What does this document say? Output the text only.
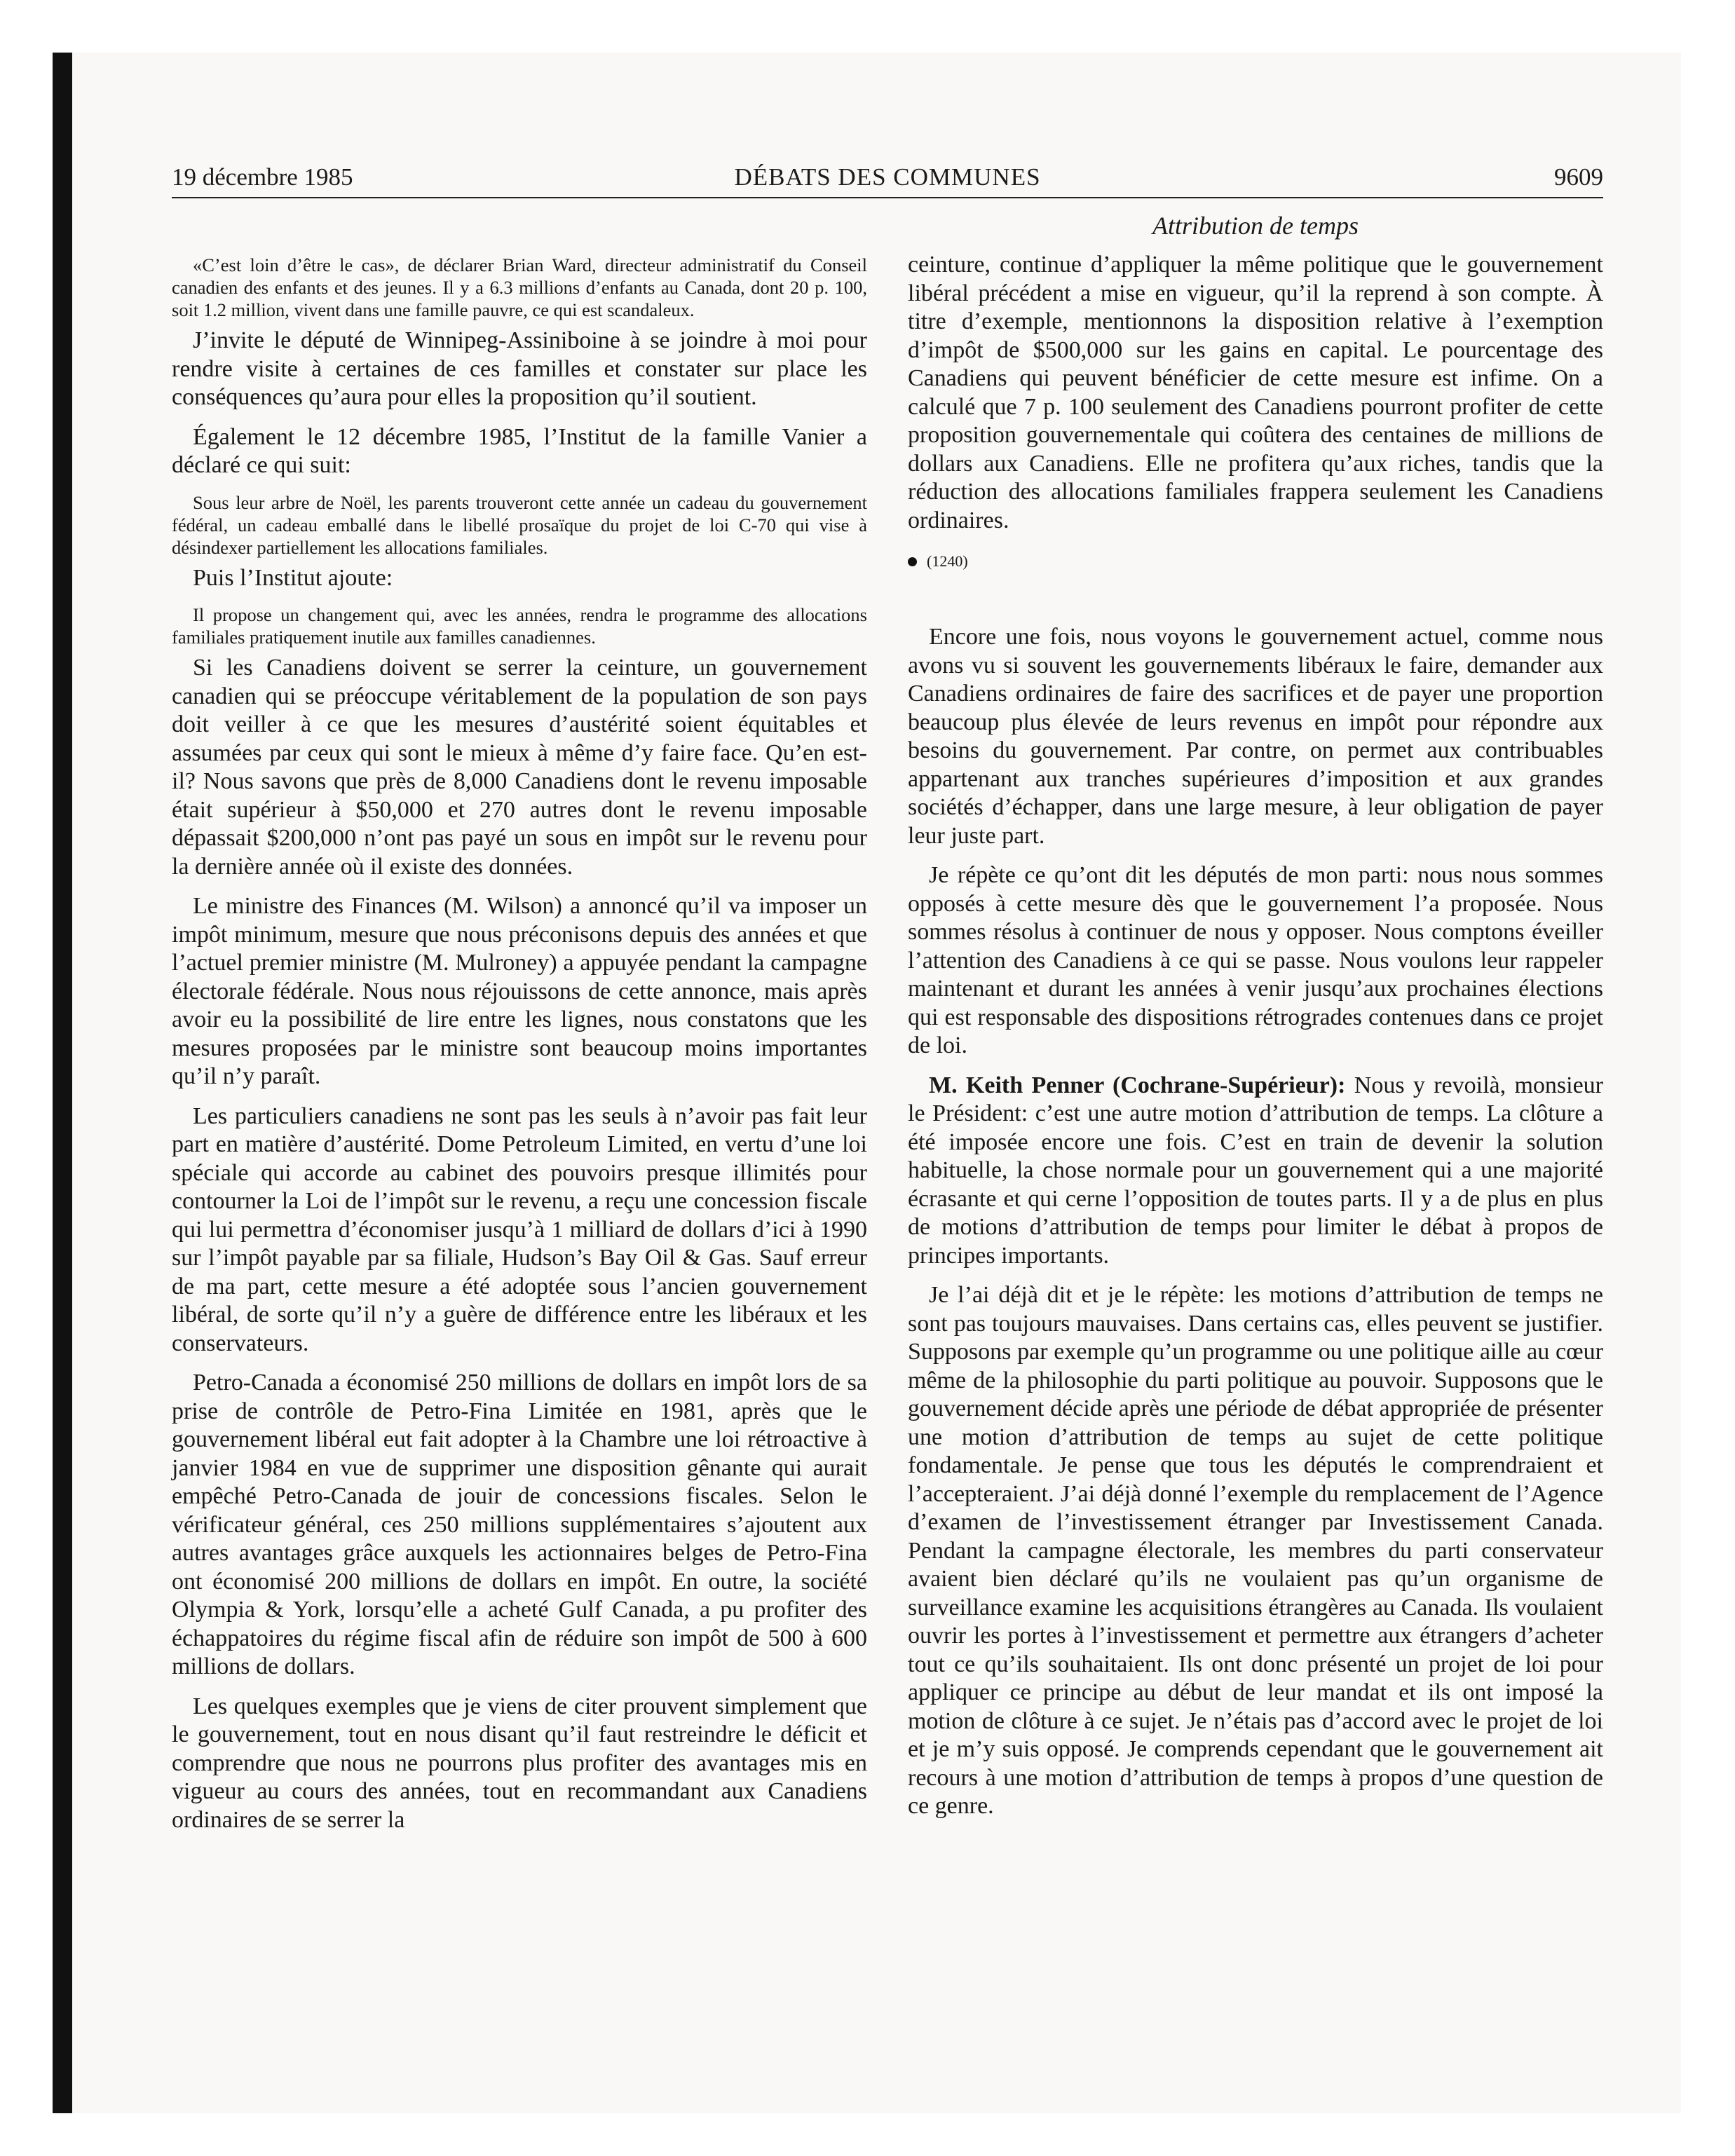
19 décembre 1985	DÉBATS DES COMMUNES	9609
«C’est loin d’être le cas», de déclarer Brian Ward, directeur administratif du Conseil canadien des enfants et des jeunes. Il y a 6.3 millions d’enfants au Canada, dont 20 p. 100, soit 1.2 million, vivent dans une famille pauvre, ce qui est scandaleux.

J’invite le député de Winnipeg-Assiniboine à se joindre à moi pour rendre visite à certaines de ces familles et constater sur place les conséquences qu’aura pour elles la proposition qu’il soutient.

Également le 12 décembre 1985, l’Institut de la famille Vanier a déclaré ce qui suit:

Sous leur arbre de Noël, les parents trouveront cette année un cadeau du gouvernement fédéral, un cadeau emballé dans le libellé prosaïque du projet de loi C-70 qui vise à désindexer partiellement les allocations familiales.

Puis l’Institut ajoute:

Il propose un changement qui, avec les années, rendra le programme des allocations familiales pratiquement inutile aux familles canadiennes.

Si les Canadiens doivent se serrer la ceinture, un gouvernement canadien qui se préoccupe véritablement de la population de son pays doit veiller à ce que les mesures d’austérité soient équitables et assumées par ceux qui sont le mieux à même d’y faire face. Qu’en est-il? Nous savons que près de 8,000 Canadiens dont le revenu imposable était supérieur à $50,000 et 270 autres dont le revenu imposable dépassait $200,000 n’ont pas payé un sous en impôt sur le revenu pour la dernière année où il existe des données.

Le ministre des Finances (M. Wilson) a annoncé qu’il va imposer un impôt minimum, mesure que nous préconisons depuis des années et que l’actuel premier ministre (M. Mulroney) a appuyée pendant la campagne électorale fédérale. Nous nous réjouissons de cette annonce, mais après avoir eu la possibilité de lire entre les lignes, nous constatons que les mesures proposées par le ministre sont beaucoup moins importantes qu’il n’y paraît.

Les particuliers canadiens ne sont pas les seuls à n’avoir pas fait leur part en matière d’austérité. Dome Petroleum Limited, en vertu d’une loi spéciale qui accorde au cabinet des pouvoirs presque illimités pour contourner la Loi de l’impôt sur le revenu, a reçu une concession fiscale qui lui permettra d’économiser jusqu’à 1 milliard de dollars d’ici à 1990 sur l’impôt payable par sa filiale, Hudson’s Bay Oil & Gas. Sauf erreur de ma part, cette mesure a été adoptée sous l’ancien gouvernement libéral, de sorte qu’il n’y a guère de différence entre les libéraux et les conservateurs.

Petro-Canada a économisé 250 millions de dollars en impôt lors de sa prise de contrôle de Petro-Fina Limitée en 1981, après que le gouvernement libéral eut fait adopter à la Chambre une loi rétroactive à janvier 1984 en vue de supprimer une disposition gênante qui aurait empêché Petro-Canada de jouir de concessions fiscales. Selon le vérificateur général, ces 250 millions supplémentaires s’ajoutent aux autres avantages grâce auxquels les actionnaires belges de Petro-Fina ont économisé 200 millions de dollars en impôt. En outre, la société Olympia & York, lorsqu’elle a acheté Gulf Canada, a pu profiter des échappatoires du régime fiscal afin de réduire son impôt de 500 à 600 millions de dollars.

Les quelques exemples que je viens de citer prouvent simplement que le gouvernement, tout en nous disant qu’il faut restreindre le déficit et comprendre que nous ne pourrons plus profiter des avantages mis en vigueur au cours des années, tout en recommandant aux Canadiens ordinaires de se serrer la

Attribution de temps

ceinture, continue d’appliquer la même politique que le gouvernement libéral précédent a mise en vigueur, qu’il la reprend à son compte. À titre d’exemple, mentionnons la disposition relative à l’exemption d’impôt de $500,000 sur les gains en capital. Le pourcentage des Canadiens qui peuvent bénéficier de cette mesure est infime. On a calculé que 7 p. 100 seulement des Canadiens pourront profiter de cette proposition gouvernementale qui coûtera des centaines de millions de dollars aux Canadiens. Elle ne profitera qu’aux riches, tandis que la réduction des allocations familiales frappera seulement les Canadiens ordinaires.

(1240)

Encore une fois, nous voyons le gouvernement actuel, comme nous avons vu si souvent les gouvernements libéraux le faire, demander aux Canadiens ordinaires de faire des sacrifices et de payer une proportion beaucoup plus élevée de leurs revenus en impôt pour répondre aux besoins du gouvernement. Par contre, on permet aux contribuables appartenant aux tranches supérieures d’imposition et aux grandes sociétés d’échapper, dans une large mesure, à leur obligation de payer leur juste part.

Je répète ce qu’ont dit les députés de mon parti: nous nous sommes opposés à cette mesure dès que le gouvernement l’a proposée. Nous sommes résolus à continuer de nous y opposer. Nous comptons éveiller l’attention des Canadiens à ce qui se passe. Nous voulons leur rappeler maintenant et durant les années à venir jusqu’aux prochaines élections qui est responsable des dispositions rétrogrades contenues dans ce projet de loi.

M. Keith Penner (Cochrane-Supérieur): Nous y revoilà, monsieur le Président: c’est une autre motion d’attribution de temps. La clôture a été imposée encore une fois. C’est en train de devenir la solution habituelle, la chose normale pour un gouvernement qui a une majorité écrasante et qui cerne l’opposition de toutes parts. Il y a de plus en plus de motions d’attribution de temps pour limiter le débat à propos de principes importants.

Je l’ai déjà dit et je le répète: les motions d’attribution de temps ne sont pas toujours mauvaises. Dans certains cas, elles peuvent se justifier. Supposons par exemple qu’un programme ou une politique aille au cœur même de la philosophie du parti politique au pouvoir. Supposons que le gouvernement décide après une période de débat appropriée de présenter une motion d’attribution de temps au sujet de cette politique fondamentale. Je pense que tous les députés le comprendraient et l’accepteraient. J’ai déjà donné l’exemple du remplacement de l’Agence d’examen de l’investissement étranger par Investissement Canada. Pendant la campagne électorale, les membres du parti conservateur avaient bien déclaré qu’ils ne voulaient pas qu’un organisme de surveillance examine les acquisitions étrangères au Canada. Ils voulaient ouvrir les portes à l’investissement et permettre aux étrangers d’acheter tout ce qu’ils souhaitaient. Ils ont donc présenté un projet de loi pour appliquer ce principe au début de leur mandat et ils ont imposé la motion de clôture à ce sujet. Je n’étais pas d’accord avec le projet de loi et je m’y suis opposé. Je comprends cependant que le gouvernement ait recours à une motion d’attribution de temps à propos d’une question de ce genre.
